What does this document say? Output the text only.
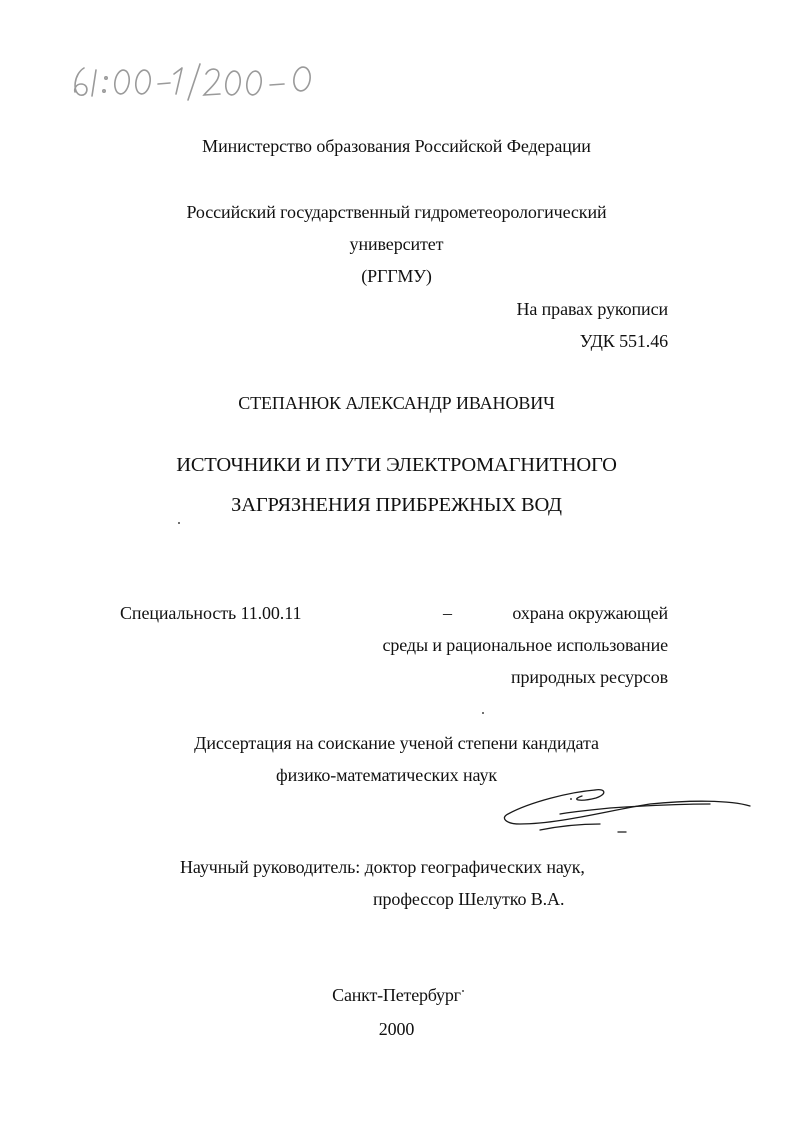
Министерство образования Российской Федерации
Российский государственный гидрометеорологический
университет
(РГГМУ)
На правах рукописи
УДК 551.46
СТЕПАНЮК АЛЕКСАНДР ИВАНОВИЧ
ИСТОЧНИКИ И ПУТИ ЭЛЕКТРОМАГНИТНОГО
ЗАГРЯЗНЕНИЯ ПРИБРЕЖНЫХ ВОД
Специальность 11.00.11	–	охрана окружающей
среды и рациональное использование
природных ресурсов
Диссертация на соискание ученой степени кандидата
физико-математических наук
Научный руководитель: доктор географических наук,
профессор Шелутко В.А.
Санкт-Петербург
2000
